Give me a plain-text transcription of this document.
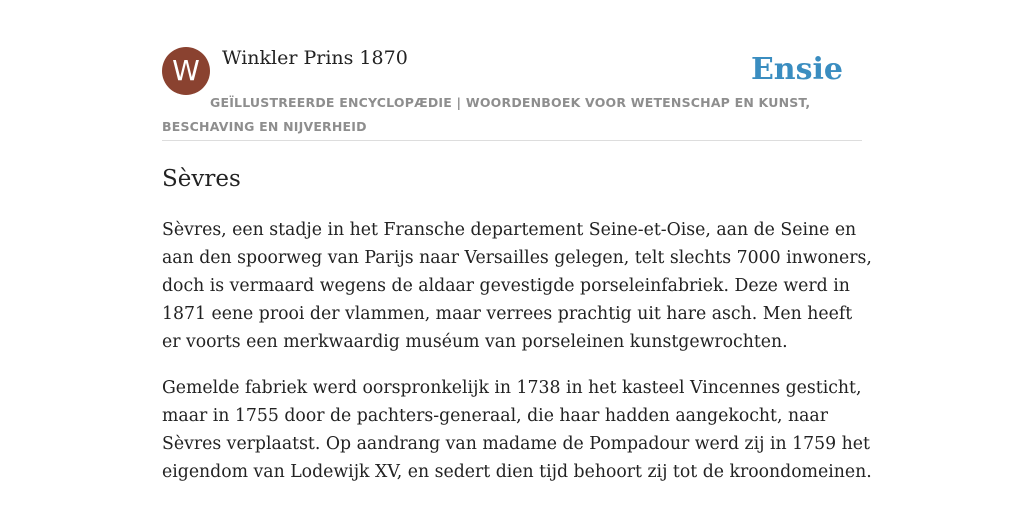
W	Winkler Prins 1870	Ensie
GEÏLLUSTREERDE ENCYCLOPÆDIE | WOORDENBOEK VOOR WETENSCHAP EN KUNST, BESCHAVING EN NIJVERHEID
Sèvres

Sèvres, een stadje in het Fransche departement Seine-et-Oise, aan de Seine en aan den spoorweg van Parijs naar Versailles gelegen, telt slechts 7000 inwoners, doch is vermaard wegens de aldaar gevestigde porseleinfabriek. Deze werd in 1871 eene prooi der vlammen, maar verrees prachtig uit hare asch. Men heeft er voorts een merkwaardig muséum van porseleinen kunstgewrochten.

Gemelde fabriek werd oorspronkelijk in 1738 in het kasteel Vincennes gesticht, maar in 1755 door de pachters-generaal, die haar hadden aangekocht, naar Sèvres verplaatst. Op aandrang van madame de Pompadour werd zij in 1759 het eigendom van Lodewijk XV, en sedert dien tijd behoort zij tot de kroondomeinen.
